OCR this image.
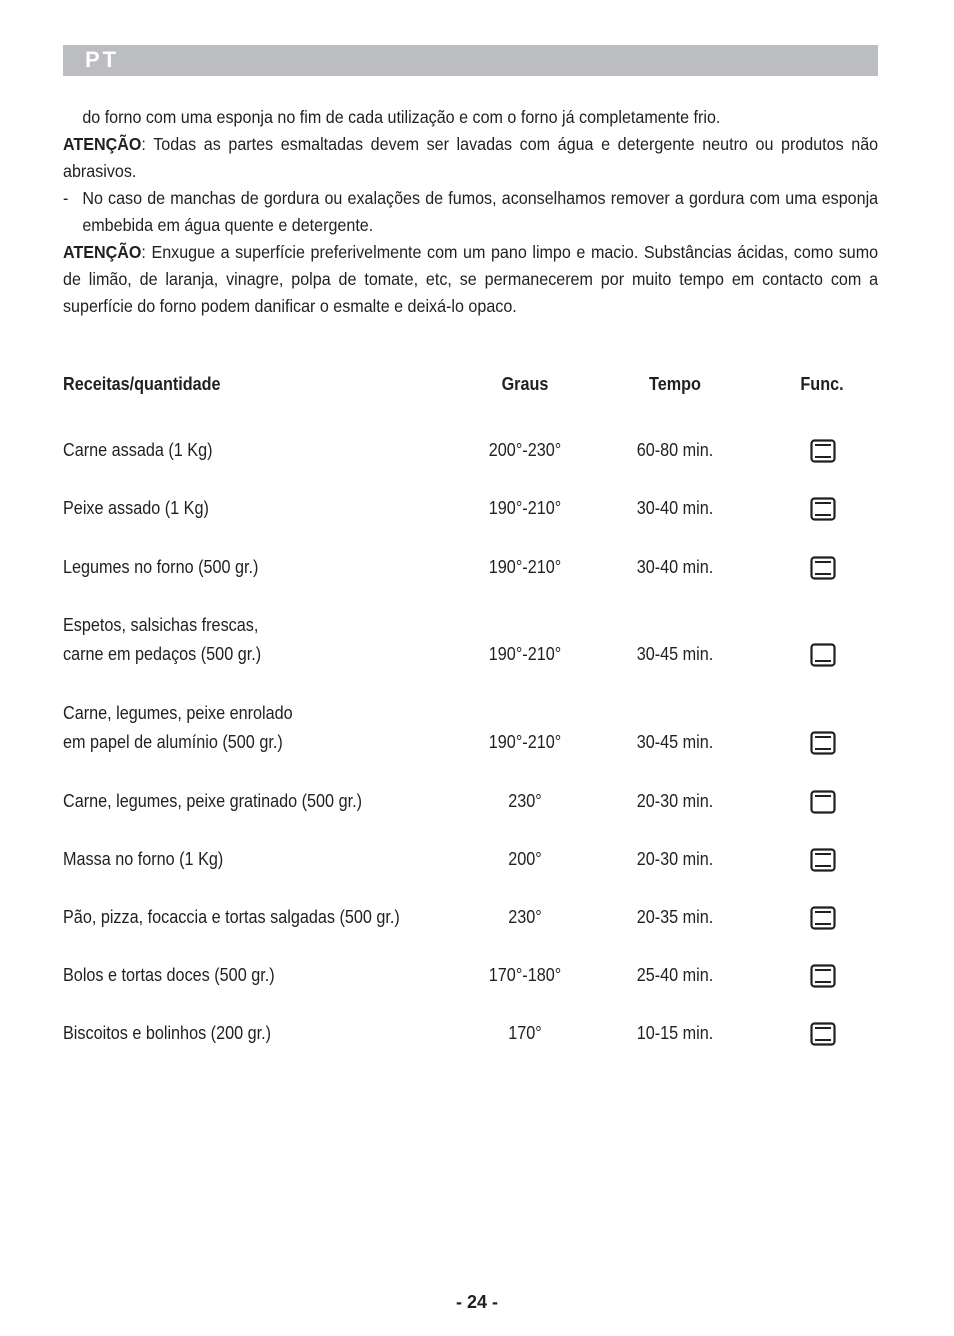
PT

do forno com uma esponja no fim de cada utilização e com o forno já completamente frio.

ATENÇÃO: Todas as partes esmaltadas devem ser lavadas com água e detergente neutro ou produtos não abrasivos.

- No caso de manchas de gordura ou exalações de fumos, aconselhamos remover a gordura com uma esponja embebida em água quente e detergente.

ATENÇÃO: Enxugue a superfície preferivelmente com um pano limpo e macio. Substâncias ácidas, como sumo de limão, de laranja, vinagre, polpa de tomate, etc, se permanecerem por muito tempo em contacto com a superfície do forno podem danificar o esmalte e deixá-lo opaco.

Receitas/quantidade	Graus	Tempo	Func.
Carne assada (1 Kg)	200°-230°	60-80 min.
Peixe assado (1 Kg)	190°-210°	30-40 min.
Legumes no forno (500 gr.)	190°-210°	30-40 min.
Espetos, salsichas frescas,
carne em pedaços (500 gr.)	190°-210°	30-45 min.
Carne, legumes, peixe enrolado
em papel de alumínio (500 gr.)	190°-210°	30-45 min.
Carne, legumes, peixe gratinado (500 gr.)	230°	20-30 min.
Massa no forno (1 Kg)	200°	20-30 min.
Pão, pizza, focaccia e tortas salgadas (500 gr.)	230°	20-35 min.
Bolos e tortas doces (500 gr.)	170°-180°	25-40 min.
Biscoitos e bolinhos (200 gr.)	170°	10-15 min.
- 24 -
